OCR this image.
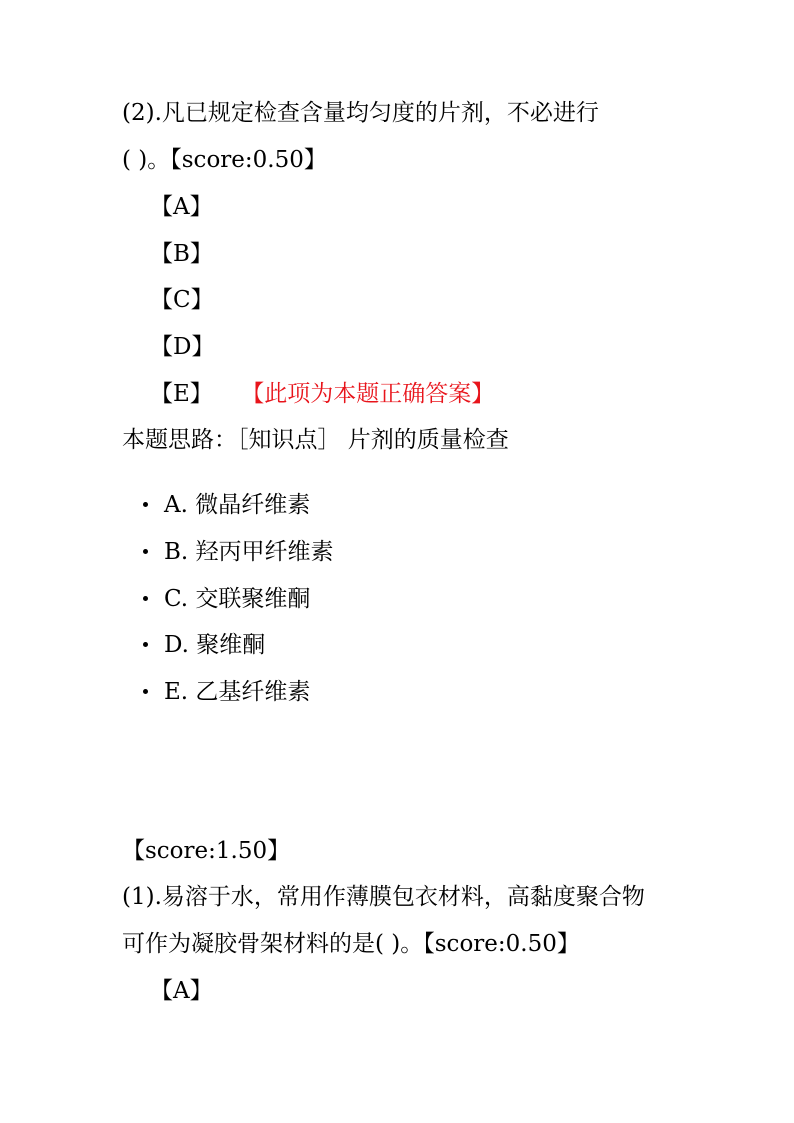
(2).凡已规定检查含量均匀度的片剂，不必进行
( )。【score:0.50】
【A】
【B】
【C】
【D】
【E】 【此项为本题正确答案】
本题思路：［知识点］ 片剂的质量检查
A. 微晶纤维素
B. 羟丙甲纤维素
C. 交联聚维酮
D. 聚维酮
E. 乙基纤维素
【score:1.50】
(1).易溶于水，常用作薄膜包衣材料，高黏度聚合物
可作为凝胶骨架材料的是( )。【score:0.50】
【A】
